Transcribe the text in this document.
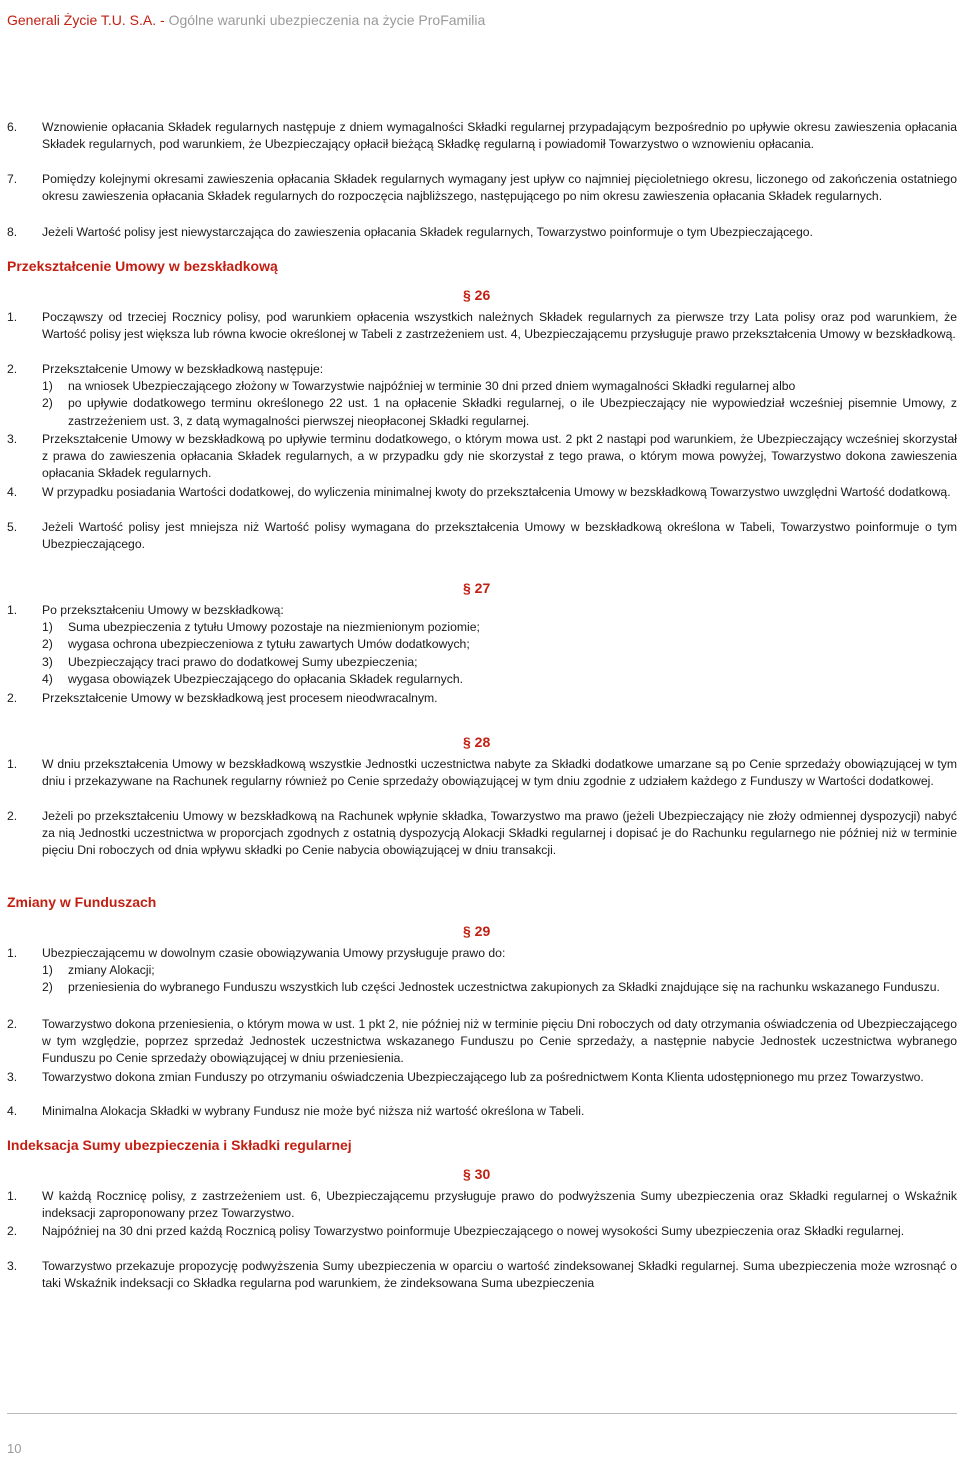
Generali Życie T.U. S.A. - Ogólne warunki ubezpieczenia na życie ProFamilia
6. Wznowienie opłacania Składek regularnych następuje z dniem wymagalności Składki regularnej przypadającym bezpośrednio po upływie okresu zawieszenia opłacania Składek regularnych, pod warunkiem, że Ubezpieczający opłacił bieżącą Składkę regularną i powiadomił Towarzystwo o wznowieniu opłacania.
7. Pomiędzy kolejnymi okresami zawieszenia opłacania Składek regularnych wymagany jest upływ co najmniej pięcioletniego okresu, liczonego od zakończenia ostatniego okresu zawieszenia opłacania Składek regularnych do rozpoczęcia najbliższego, następującego po nim okresu zawieszenia opłacania Składek regularnych.
8. Jeżeli Wartość polisy jest niewystarczająca do zawieszenia opłacania Składek regularnych, Towarzystwo poinformuje o tym Ubezpieczającego.
Przekształcenie Umowy w bezskładkową
§ 26
1. Począwszy od trzeciej Rocznicy polisy, pod warunkiem opłacenia wszystkich należnych Składek regularnych za pierwsze trzy Lata polisy oraz pod warunkiem, że Wartość polisy jest większa lub równa kwocie określonej w Tabeli z zastrzeżeniem ust. 4, Ubezpieczającemu przysługuje prawo przekształcenia Umowy w bezskładkową.
2. Przekształcenie Umowy w bezskładkową następuje:
1) na wniosek Ubezpieczającego złożony w Towarzystwie najpóźniej w terminie 30 dni przed dniem wymagalności Składki regularnej albo
2) po upływie dodatkowego terminu określonego 22 ust. 1 na opłacenie Składki regularnej, o ile Ubezpieczający nie wypowiedział wcześniej pisemnie Umowy, z zastrzeżeniem ust. 3, z datą wymagalności pierwszej nieopłaconej Składki regularnej.
3. Przekształcenie Umowy w bezskładkową po upływie terminu dodatkowego, o którym mowa ust. 2 pkt 2 nastąpi pod warunkiem, że Ubezpieczający wcześniej skorzystał z prawa do zawieszenia opłacania Składek regularnych, a w przypadku gdy nie skorzystał z tego prawa, o którym mowa powyżej, Towarzystwo dokona zawieszenia opłacania Składek regularnych.
4. W przypadku posiadania Wartości dodatkowej, do wyliczenia minimalnej kwoty do przekształcenia Umowy w bezskładkową Towarzystwo uwzględni Wartość dodatkową.
5. Jeżeli Wartość polisy jest mniejsza niż Wartość polisy wymagana do przekształcenia Umowy w bezskładkową określona w Tabeli, Towarzystwo poinformuje o tym Ubezpieczającego.
§ 27
1. Po przekształceniu Umowy w bezskładkową:
1) Suma ubezpieczenia z tytułu Umowy pozostaje na niezmienionym poziomie;
2) wygasa ochrona ubezpieczeniowa z tytułu zawartych Umów dodatkowych;
3) Ubezpieczający traci prawo do dodatkowej Sumy ubezpieczenia;
4) wygasa obowiązek Ubezpieczającego do opłacania Składek regularnych.
2. Przekształcenie Umowy w bezskładkową jest procesem nieodwracalnym.
§ 28
1. W dniu przekształcenia Umowy w bezskładkową wszystkie Jednostki uczestnictwa nabyte za Składki dodatkowe umarzane są po Cenie sprzedaży obowiązującej w tym dniu i przekazywane na Rachunek regularny również po Cenie sprzedaży obowiązującej w tym dniu zgodnie z udziałem każdego z Funduszy w Wartości dodatkowej.
2. Jeżeli po przekształceniu Umowy w bezskładkową na Rachunek wpłynie składka, Towarzystwo ma prawo (jeżeli Ubezpieczający nie złoży odmiennej dyspozycji) nabyć za nią Jednostki uczestnictwa w proporcjach zgodnych z ostatnią dyspozycją Alokacji Składki regularnej i dopisać je do Rachunku regularnego nie później niż w terminie pięciu Dni roboczych od dnia wpływu składki po Cenie nabycia obowiązującej w dniu transakcji.
Zmiany w Funduszach
§ 29
1. Ubezpieczającemu w dowolnym czasie obowiązywania Umowy przysługuje prawo do:
1) zmiany Alokacji;
2) przeniesienia do wybranego Funduszu wszystkich lub części Jednostek uczestnictwa zakupionych za Składki znajdujące się na rachunku wskazanego Funduszu.
2. Towarzystwo dokona przeniesienia, o którym mowa w ust. 1 pkt 2, nie później niż w terminie pięciu Dni roboczych od daty otrzymania oświadczenia od Ubezpieczającego w tym względzie, poprzez sprzedaż Jednostek uczestnictwa wskazanego Funduszu po Cenie sprzedaży, a następnie nabycie Jednostek uczestnictwa wybranego Funduszu po Cenie sprzedaży obowiązującej w dniu przeniesienia.
3. Towarzystwo dokona zmian Funduszy po otrzymaniu oświadczenia Ubezpieczającego lub za pośrednictwem Konta Klienta udostępnionego mu przez Towarzystwo.
4. Minimalna Alokacja Składki w wybrany Fundusz nie może być niższa niż wartość określona w Tabeli.
Indeksacja Sumy ubezpieczenia i Składki regularnej
§ 30
1. W każdą Rocznicę polisy, z zastrzeżeniem ust. 6, Ubezpieczającemu przysługuje prawo do podwyższenia Sumy ubezpieczenia oraz Składki regularnej o Wskaźnik indeksacji zaproponowany przez Towarzystwo.
2. Najpóźniej na 30 dni przed każdą Rocznicą polisy Towarzystwo poinformuje Ubezpieczającego o nowej wysokości Sumy ubezpieczenia oraz Składki regularnej.
3. Towarzystwo przekazuje propozycję podwyższenia Sumy ubezpieczenia w oparciu o wartość zindeksowanej Składki regularnej. Suma ubezpieczenia może wzrosnąć o taki Wskaźnik indeksacji co Składka regularna pod warunkiem, że zindeksowana Suma ubezpieczenia
10
